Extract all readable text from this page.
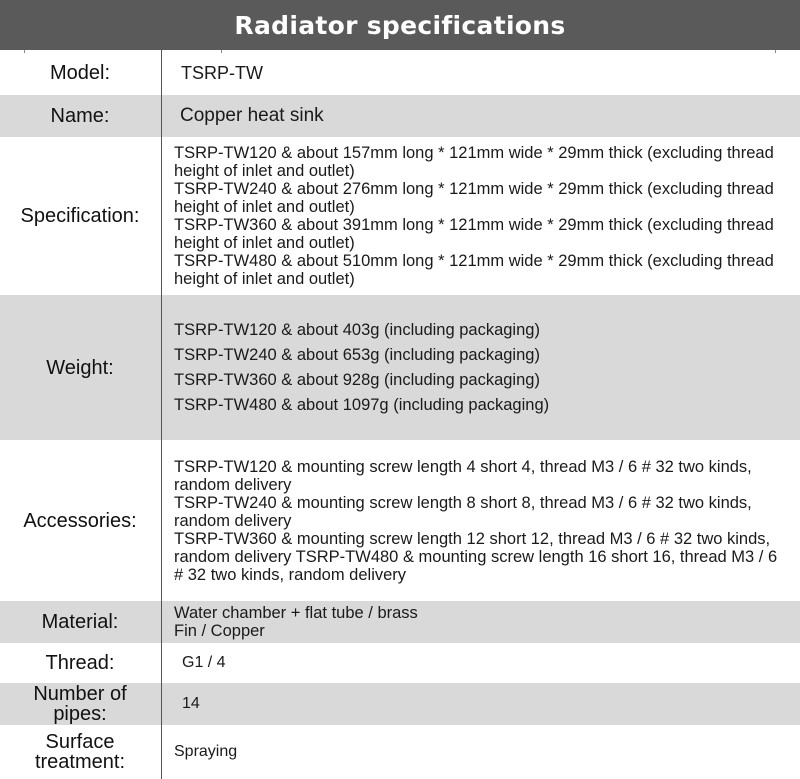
Radiator specifications
Model:	TSRP-TW
Name:	Copper heat sink
Specification:
TSRP-TW120 & about 157mm long * 121mm wide * 29mm thick (excluding thread height of inlet and outlet)
TSRP-TW240 & about 276mm long * 121mm wide * 29mm thick (excluding thread height of inlet and outlet)
TSRP-TW360 & about 391mm long * 121mm wide * 29mm thick (excluding thread height of inlet and outlet)
TSRP-TW480 & about 510mm long * 121mm wide * 29mm thick (excluding thread height of inlet and outlet)
Weight:
TSRP-TW120 & about 403g (including packaging)
TSRP-TW240 & about 653g (including packaging)
TSRP-TW360 & about 928g (including packaging)
TSRP-TW480 & about 1097g (including packaging)
Accessories:
TSRP-TW120 & mounting screw length 4 short 4, thread M3 / 6 # 32 two kinds, random delivery
TSRP-TW240 & mounting screw length 8 short 8, thread M3 / 6 # 32 two kinds, random delivery
TSRP-TW360 & mounting screw length 12 short 12, thread M3 / 6 # 32 two kinds, random delivery TSRP-TW480 & mounting screw length 16 short 16, thread M3 / 6 # 32 two kinds, random delivery
Material:	Water chamber + flat tube / brass
Fin / Copper
Thread:	G1 / 4
Number of pipes:	14
Surface treatment:	Spraying
